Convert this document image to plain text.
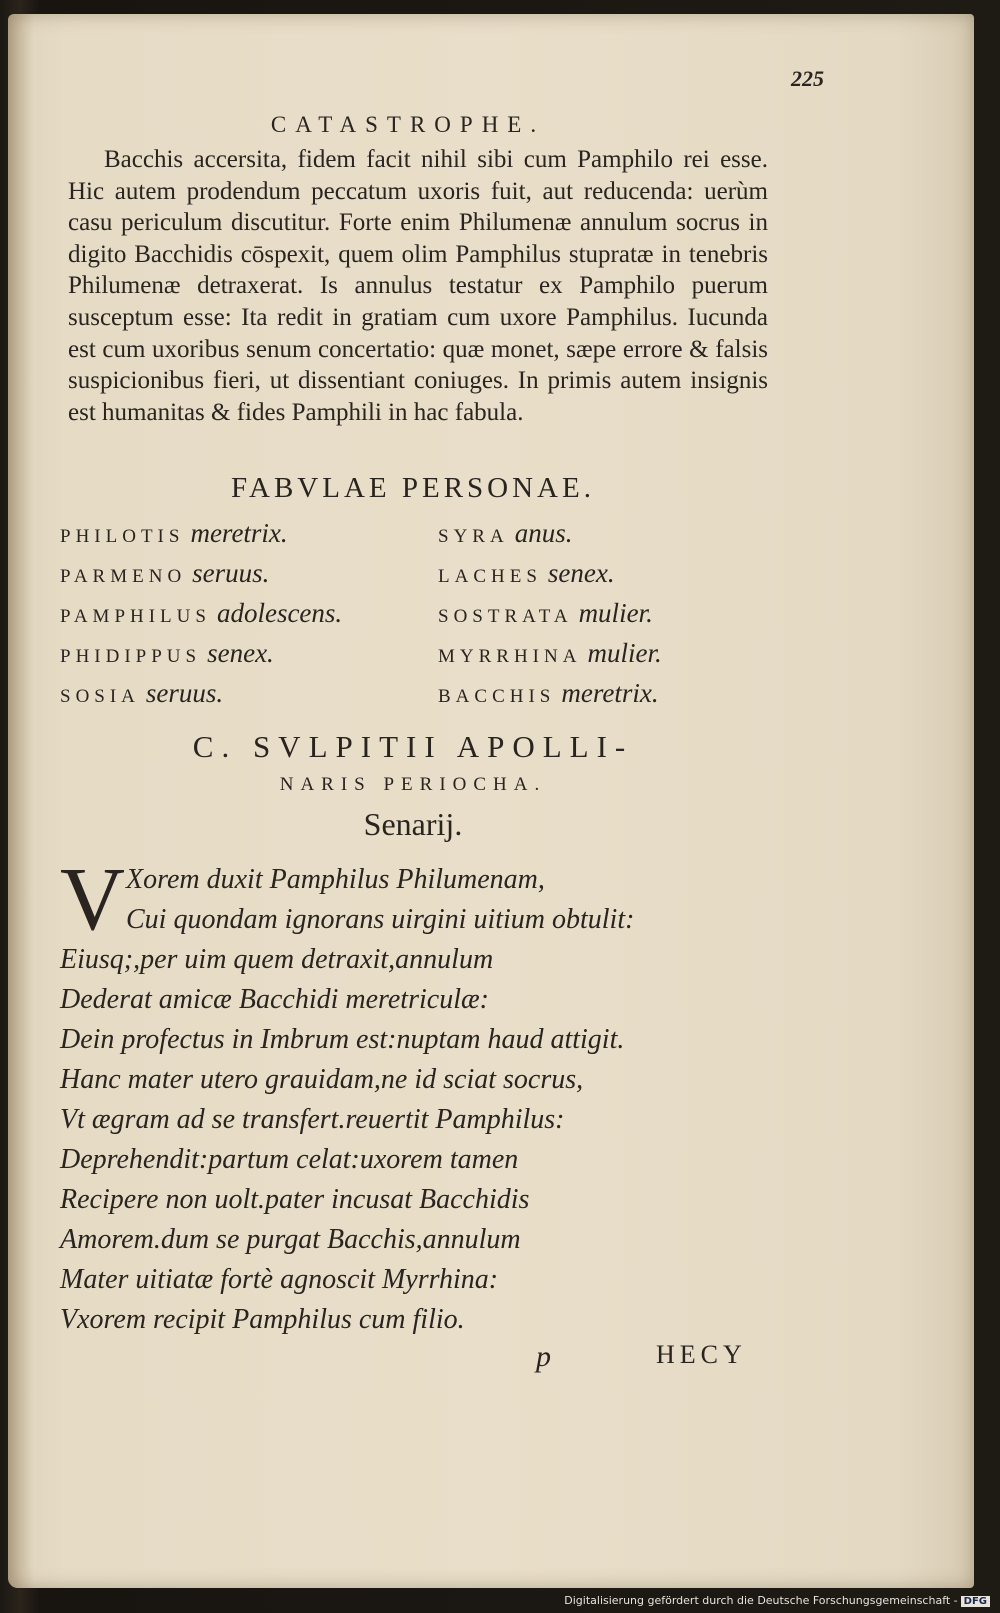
225
CATASTROPHE.

Bacchis accersita, fidem facit nihil sibi cum Pamphilo rei esse. Hic autem prodendum peccatum uxoris fuit, aut reducenda: uerùm casu periculum discutitur. Forte enim Philumenæ annulum socrus in digito Bacchidis cōspexit, quem olim Pamphilus stupratæ in tenebris Philumenæ detraxerat. Is annulus testatur ex Pamphilo puerum susceptum esse: Ita redit in gratiam cum uxore Pamphilus. Iucunda est cum uxoribus senum concertatio: quæ monet, sæpe errore & falsis suspicionibus fieri, ut dissentiant coniuges. In primis autem insignis est humanitas & fides Pamphili in hac fabula.

FABVLAE PERSONAE.
PHILOTIS meretrix.
PARMENO seruus.
PAMPHILUS adolescens.
PHIDIPPUS senex.
SOSIA seruus.
SYRA anus.
LACHES senex.
SOSTRATA mulier.
MYRRHINA mulier.
BACCHIS meretrix.
C. SVLPITII APOLLI-
NARIS PERIOCHA.
Senarij.
V Xorem duxit Pamphilus Philumenam,
Cui quondam ignorans uirgini uitium obtulit:
Eiusq;,per uim quem detraxit,annulum
Dederat amicæ Bacchidi meretriculæ:
Dein profectus in Imbrum est:nuptam haud attigit.
Hanc mater utero grauidam,ne id sciat socrus,
Vt ægram ad se transfert.reuertit Pamphilus:
Deprehendit:partum celat:uxorem tamen
Recipere non uolt.pater incusat Bacchidis
Amorem.dum se purgat Bacchis,annulum
Mater uitiatæ fortè agnoscit Myrrhina:
Vxorem recipit Pamphilus cum filio.
p	HECY
Digitalisierung gefördert durch die Deutsche Forschungsgemeinschaft - DFG
